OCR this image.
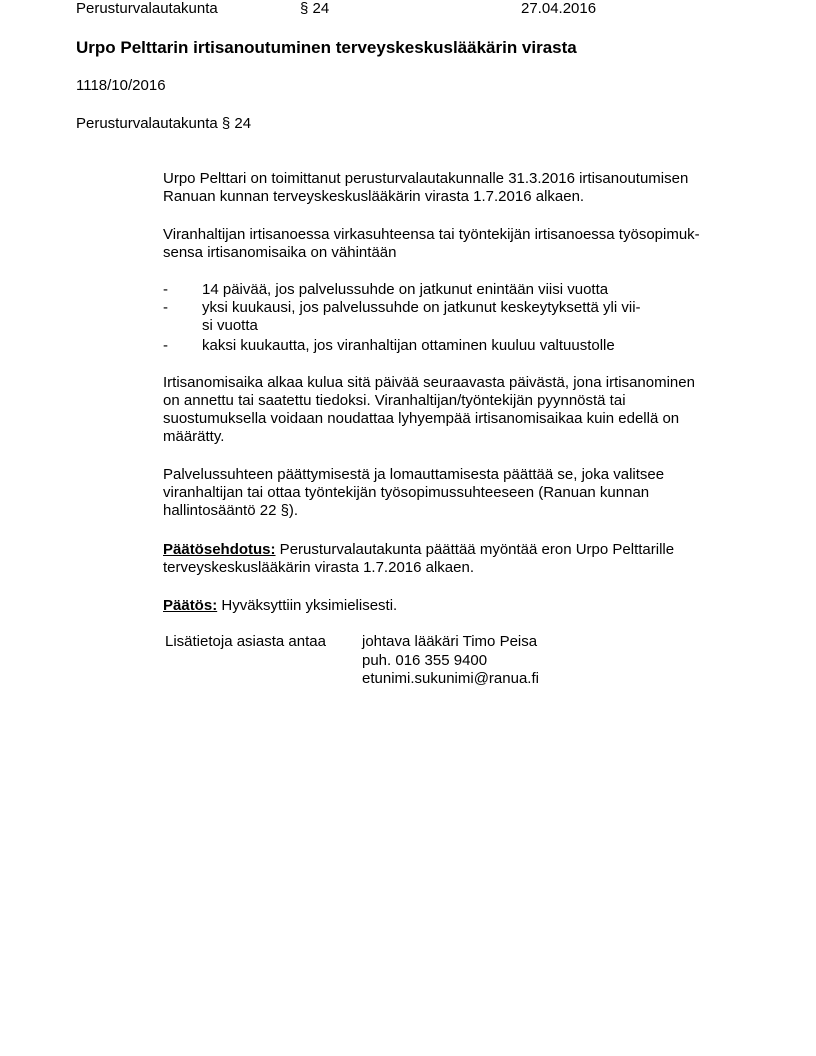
Perusturvalautakunta	§ 24	27.04.2016
Urpo Pelttarin irtisanoutuminen terveyskeskuslääkärin virasta
1118/10/2016
Perusturvalautakunta § 24

Urpo Pelttari on toimittanut perusturvalautakunnalle 31.3.2016 irtisanoutumisen

Ranuan kunnan terveyskeskuslääkärin virasta 1.7.2016 alkaen.

Viranhaltijan irtisanoessa virkasuhteensa tai työntekijän irtisanoessa työsopimuk-

sensa irtisanomisaika on vähintään

- 14 päivää, jos palvelussuhde on jatkunut enintään viisi vuotta
- yksi kuukausi, jos palvelussuhde on jatkunut keskeytyksettä yli vii-
si vuotta
- kaksi kuukautta, jos viranhaltijan ottaminen kuuluu valtuustolle

Irtisanomisaika alkaa kulua sitä päivää seuraavasta päivästä, jona irtisanominen

on annettu tai saatettu tiedoksi. Viranhaltijan/työntekijän pyynnöstä tai

suostumuksella voidaan noudattaa lyhyempää irtisanomisaikaa kuin edellä on

määrätty.

Palvelussuhteen päättymisestä ja lomauttamisesta päättää se, joka valitsee

viranhaltijan tai ottaa työntekijän työsopimussuhteeseen (Ranuan kunnan

hallintosääntö 22 §).

Päätösehdotus: Perusturvalautakunta päättää myöntää eron Urpo Pelttarille

terveyskeskuslääkärin virasta 1.7.2016 alkaen.

Päätös: Hyväksyttiin yksimielisesti.

Lisätietoja asiasta antaa johtava lääkäri Timo Peisa
puh. 016 355 9400
etunimi.sukunimi@ranua.fi
